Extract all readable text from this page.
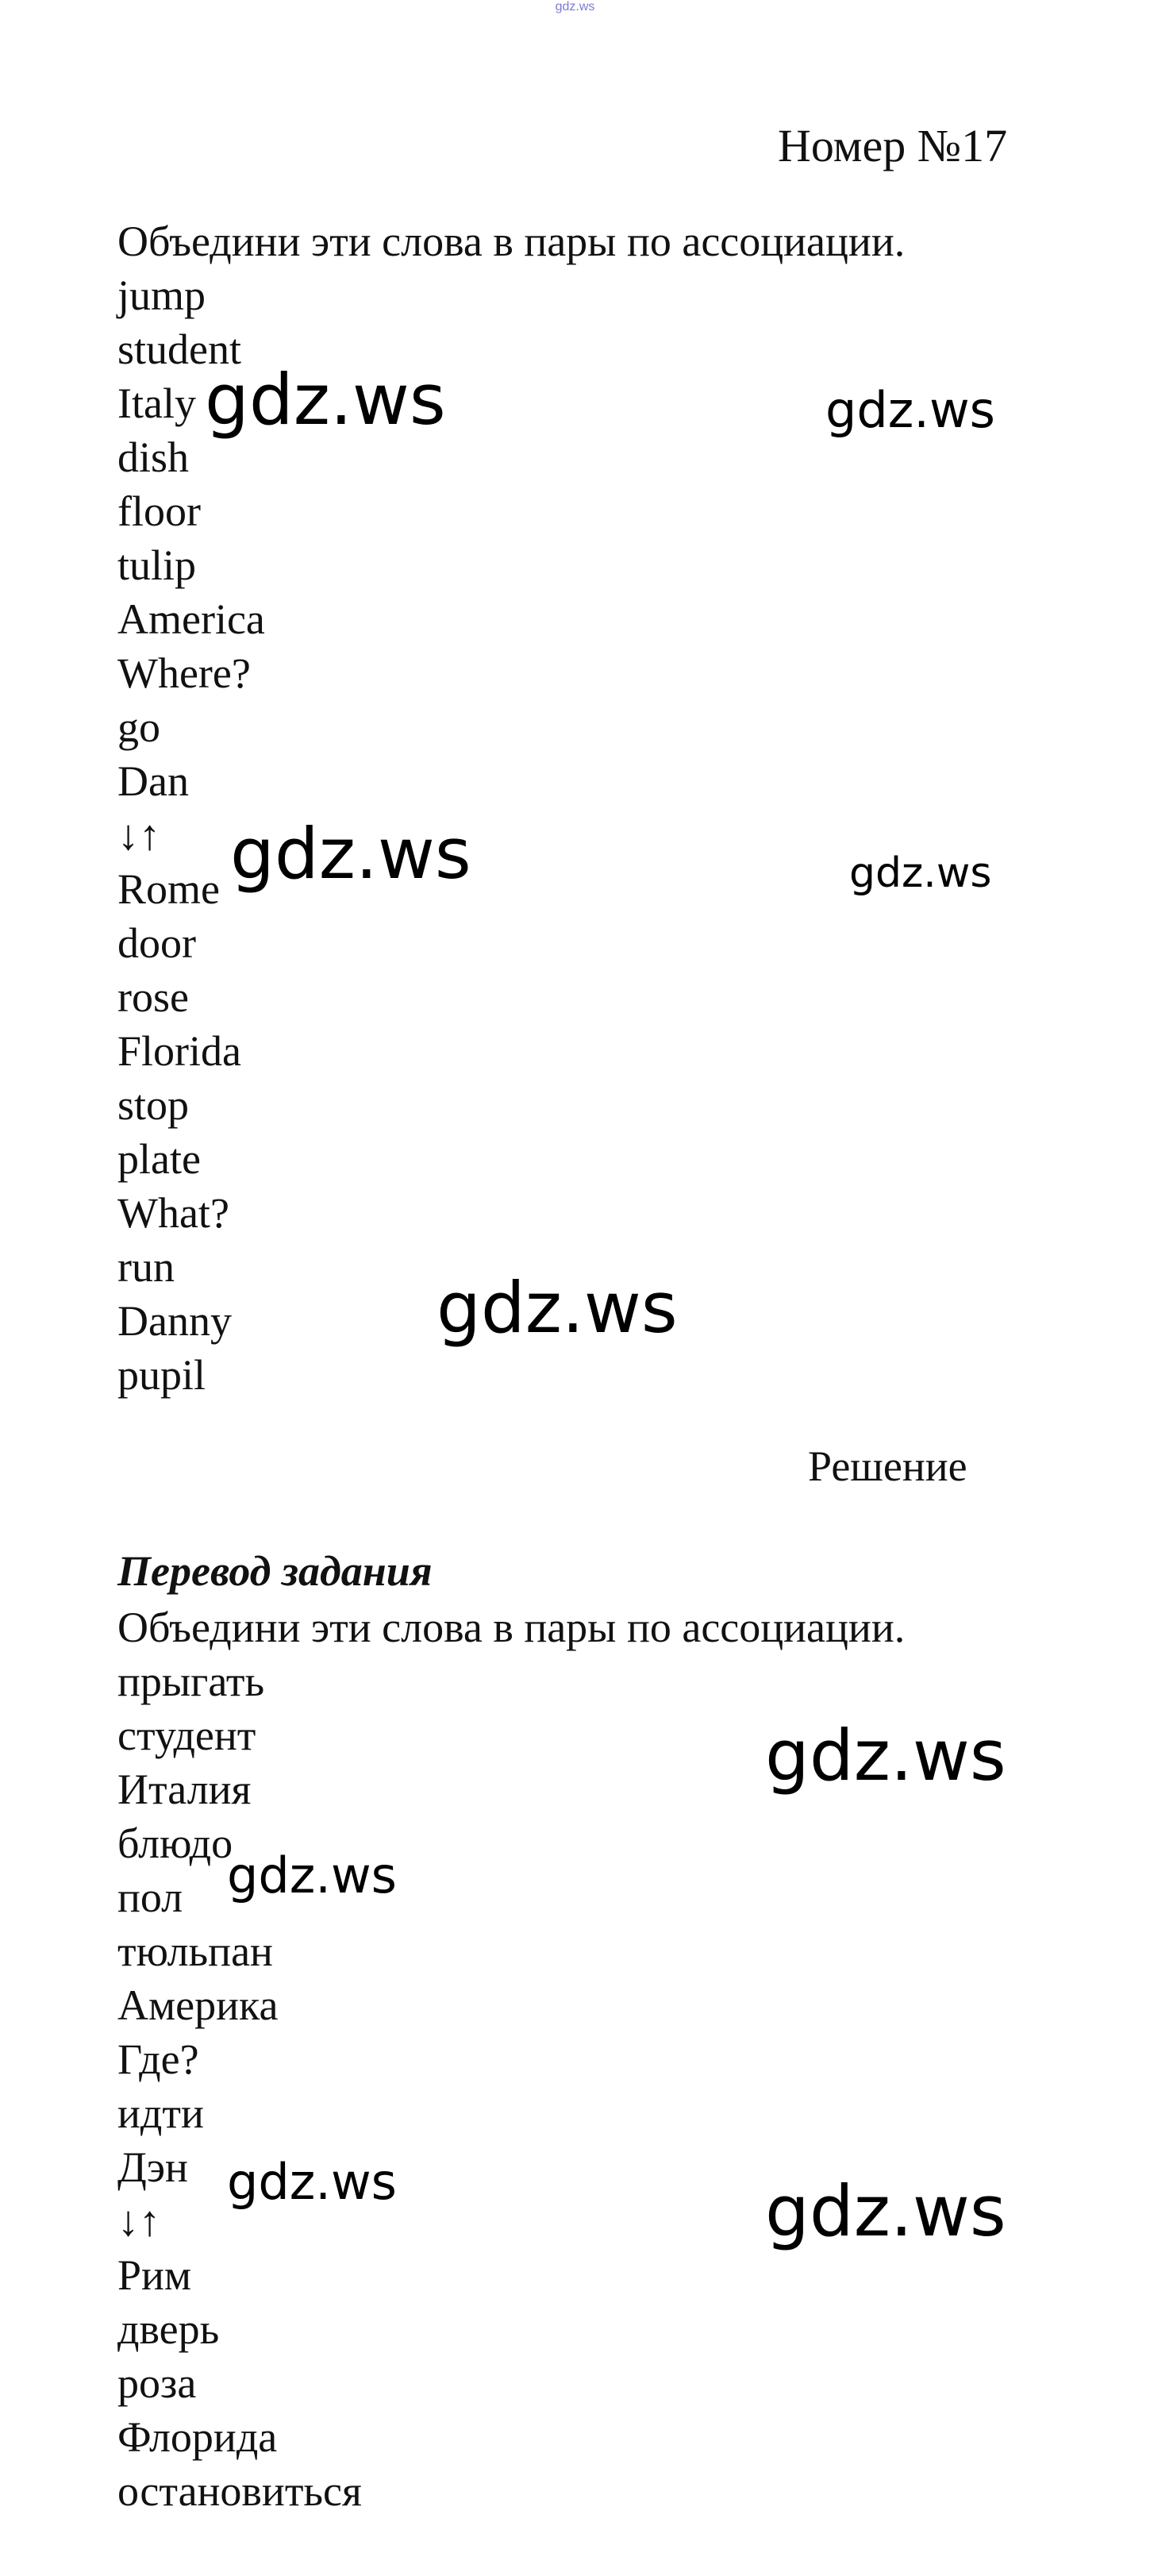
gdz.ws
Номер №17
Объедини эти слова в пары по ассоциации.
jump
student
Italy
dish
floor
tulip
America
Where?
go
Dan
↓↑
Rome
door
rose
Florida
stop
plate
What?
run
Danny
pupil
Решение
Перевод задания
Объедини эти слова в пары по ассоциации.
прыгать
студент
Италия
блюдо
пол
тюльпан
Америка
Где?
идти
Дэн
↓↑
Рим
дверь
роза
Флорида
остановиться
gdz.ws	gdz.ws
gdz.ws	gdz.ws
gdz.ws
gdz.ws
gdz.ws
gdz.ws	gdz.ws
